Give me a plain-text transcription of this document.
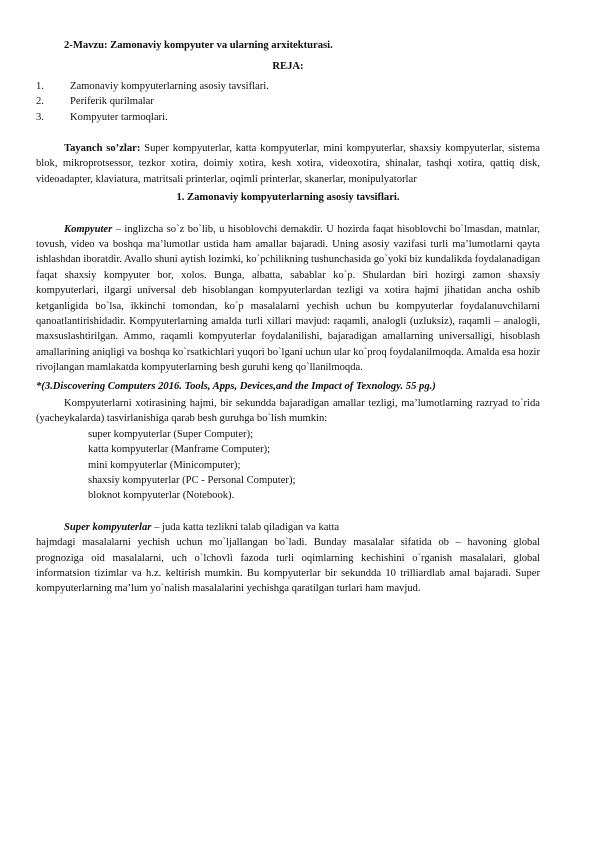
2-Mavzu: Zamonaviy kompyuter va ularning arxitekturasi.
REJA:
1.	Zamonaviy kompyuterlarning asosiy tavsiflari.
2.	Periferik qurilmalar
3.	Kompyuter tarmoqlari.

Tayanch so’zlar: Super kompyuterlar, katta kompyuterlar, mini kompyuterlar, shaxsiy kompyuterlar, sistema blok, mikroprotsessor, tezkor xotira, doimiy xotira, kesh xotira, videoxotira, shinalar, tashqi xotira, qattiq disk, videoadapter, klaviatura, matritsali printerlar, oqimli printerlar, skanerlar, monipulyatorlar

1. Zamonaviy kompyuterlarning asosiy tavsiflari.

Kompyuter – inglizcha so`z bo`lib, u hisoblovchi demakdir. U hozirda faqat hisoblovchi bo`lmasdan, matnlar, tovush, video va boshqa ma’lumotlar ustida ham amallar bajaradi. Uning asosiy vazifasi turli ma’lumotlarni qayta ishlashdan iboratdir. Avallo shuni aytish lozimki, ko`pchilikning tushunchasida go`yoki biz kundalikda foydalanadigan faqat shaxsiy kompyuter bor, xolos. Bunga, albatta, sabablar ko`p. Shulardan biri hozirgi zamon shaxsiy kompyuterlari, ilgargi universal deb hisoblangan kompyuterlardan tezligi va xotira hajmi jihatidan ancha oshib ketganligida bo`lsa, ikkinchi tomondan, ko`p masalalarni yechish uchun bu kompyuterlar foydalanuvchilarni qanoatlantirishidadir. Kompyuterlarning amalda turli xillari mavjud: raqamli, analogli (uzluksiz), raqamli – analogli, maxsuslashtirilgan. Ammo, raqamli kompyuterlar foydalanilishi, bajaradigan amallarning universalligi, hisoblash amallarining aniqligi va boshqa ko`rsatkichlari yuqori bo`lgani uchun ular ko`proq foydalanilmoqda. Amalda esa hozir rivojlangan mamlakatda kompyuterlarning besh guruhi keng qo`llanilmoqda.

*(3.Discovering Computers 2016. Tools, Apps, Devices,and the Impact of Texnology. 55 pg.)

Kompyuterlarni xotirasining hajmi, bir sekundda bajaradigan amallar tezligi, ma’lumotlarning razryad to`rida (yacheykalarda) tasvirlanishiga qarab besh guruhga bo`lish mumkin:

super kompyuterlar (Super Computer);
katta kompyuterlar (Manframe Computer);
mini kompyuterlar (Minicomputer);
shaxsiy kompyuterlar (PC - Personal Computer);
bloknot kompyuterlar (Notebook).

Super kompyuterlar – juda katta tezlikni talab qiladigan va katta

hajmdagi masalalarni yechish uchun mo`ljallangan bo`ladi. Bunday masalalar sifatida ob – havoning global prognoziga oid masalalarni, uch o`lchovli fazoda turli oqimlarning kechishini o`rganish masalalari, global informatsion tizimlar va h.z. keltirish mumkin. Bu kompyuterlar bir sekundda 10 trilliardlab amal bajaradi. Super kompyuterlarning ma’lum yo`nalish masalalarini yechishga qaratilgan turlari ham mavjud.
